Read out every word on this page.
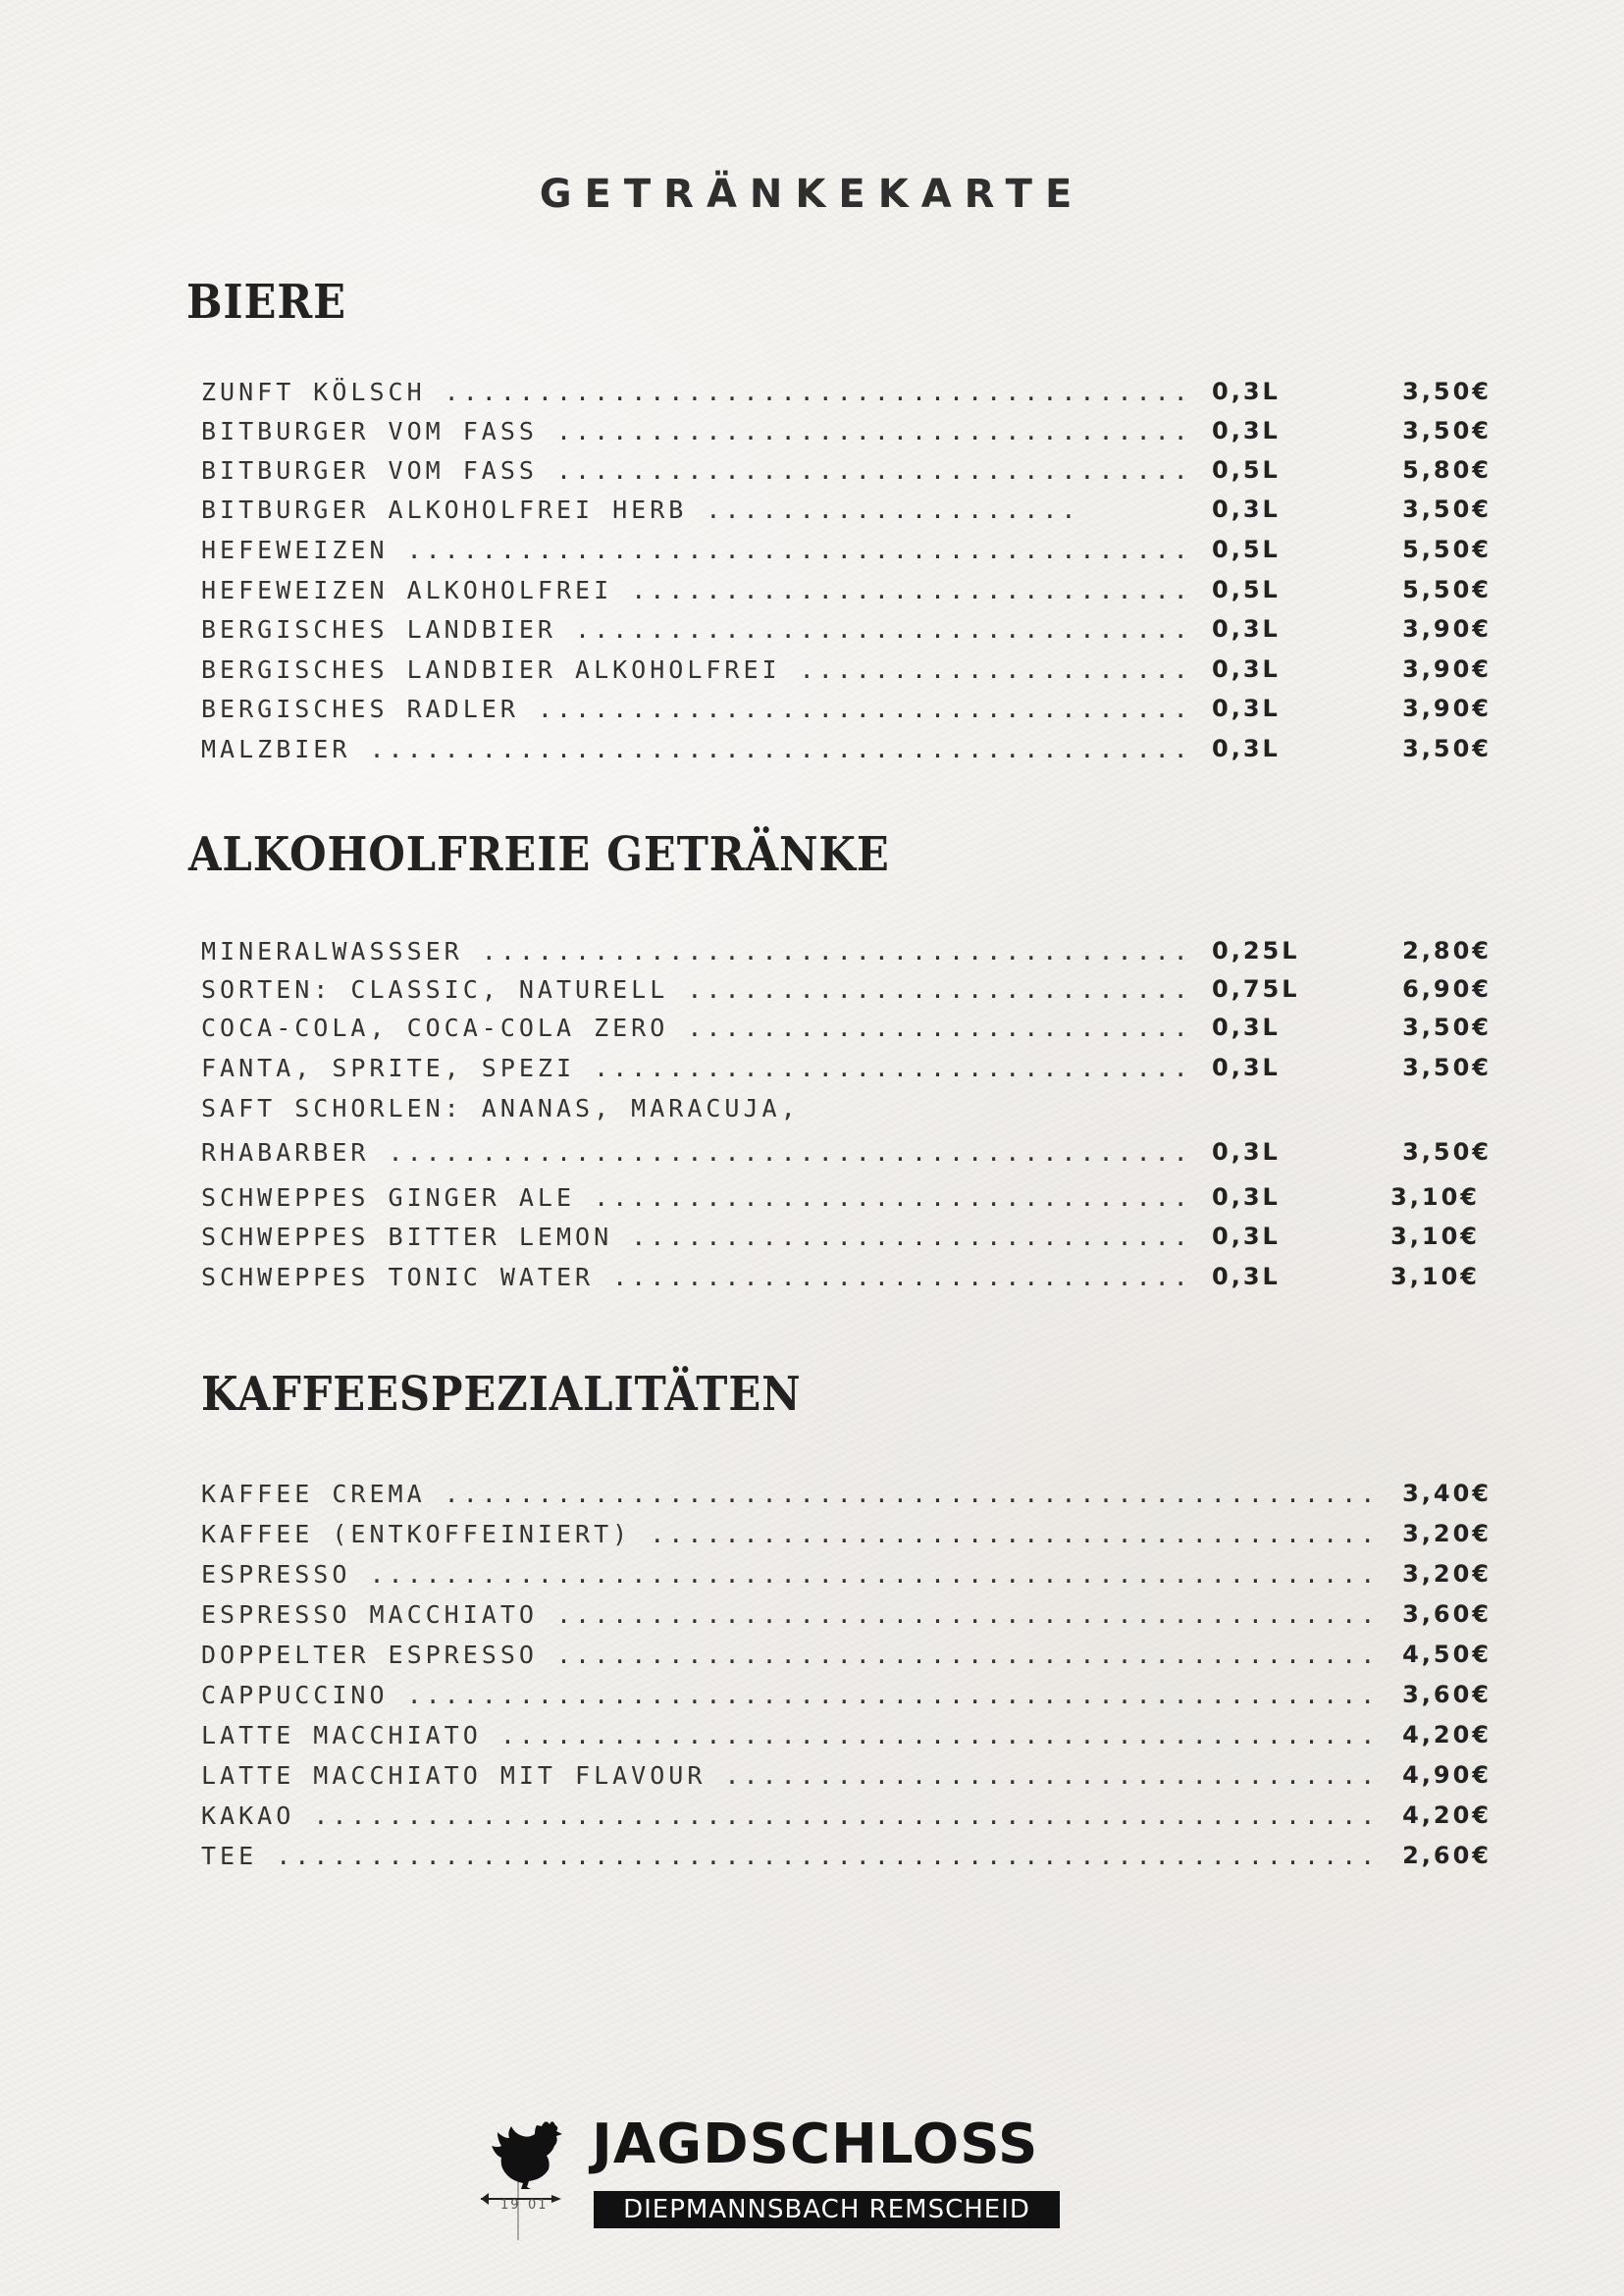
GETRÄNKEKARTE
BIERE
ZUNFT KÖLSCH .....	0,3L	3,50€
BITBURGER VOM FASS .....	0,3L	3,50€
BITBURGER VOM FASS .....	0,5L	5,80€
BITBURGER ALKOHOLFREI HERB .....	0,3L	3,50€
HEFEWEIZEN .....	0,5L	5,50€
HEFEWEIZEN ALKOHOLFREI .....	0,5L	5,50€
BERGISCHES LANDBIER .....	0,3L	3,90€
BERGISCHES LANDBIER ALKOHOLFREI .....	0,3L	3,90€
BERGISCHES RADLER .....	0,3L	3,90€
MALZBIER .....	0,3L	3,50€
ALKOHOLFREIE GETRÄNKE
MINERALWASSSER .....	0,25L	2,80€
SORTEN: CLASSIC, NATURELL .....	0,75L	6,90€
COCA-COLA, COCA-COLA ZERO .....	0,3L	3,50€
FANTA, SPRITE, SPEZI .....	0,3L	3,50€
SAFT SCHORLEN: ANANAS, MARACUJA,
RHABARBER .....	0,3L	3,50€
SCHWEPPES GINGER ALE .....	0,3L	3,10€
SCHWEPPES BITTER LEMON .....	0,3L	3,10€
SCHWEPPES TONIC WATER .....	0,3L	3,10€
KAFFEESPEZIALITÄTEN
KAFFEE CREMA .....	3,40€
KAFFEE (ENTKOFFEINIERT) .....	3,20€
ESPRESSO .....	3,20€
ESPRESSO MACCHIATO .....	3,60€
DOPPELTER ESPRESSO .....	4,50€
CAPPUCCINO .....	3,60€
LATTE MACCHIATO .....	4,20€
LATTE MACCHIATO MIT FLAVOUR .....	4,90€
KAKAO .....	4,20€
TEE .....	2,60€
19 01
JAGDSCHLOSS
DIEPMANNSBACH REMSCHEID
